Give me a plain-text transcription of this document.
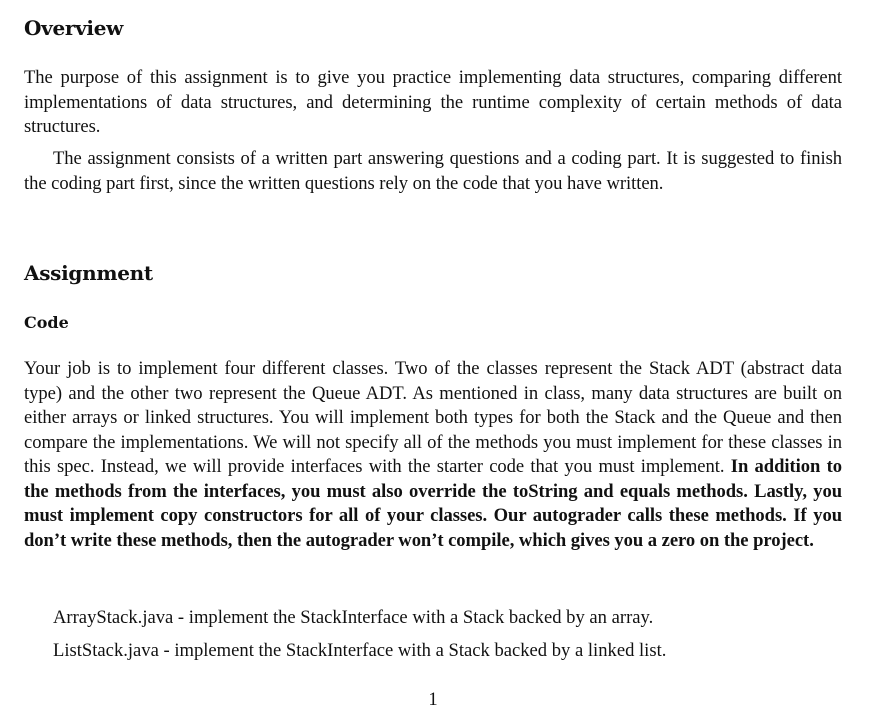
Overview

The purpose of this assignment is to give you practice implementing data structures, comparing different implementations of data structures, and determining the runtime complexity of certain methods of data structures.

The assignment consists of a written part answering questions and a coding part. It is suggested to finish the coding part first, since the written questions rely on the code that you have written.

Assignment
Code

Your job is to implement four different classes. Two of the classes represent the Stack ADT (abstract data type) and the other two represent the Queue ADT. As mentioned in class, many data structures are built on either arrays or linked structures. You will implement both types for both the Stack and the Queue and then compare the implementations. We will not specify all of the methods you must implement for these classes in this spec. Instead, we will provide interfaces with the starter code that you must implement. In addition to the methods from the interfaces, you must also override the toString and equals methods. Lastly, you must implement copy constructors for all of your classes. Our autograder calls these methods. If you don’t write these methods, then the autograder won’t compile, which gives you a zero on the project.

ArrayStack.java - implement the StackInterface with a Stack backed by an array.
ListStack.java - implement the StackInterface with a Stack backed by a linked list.
1
